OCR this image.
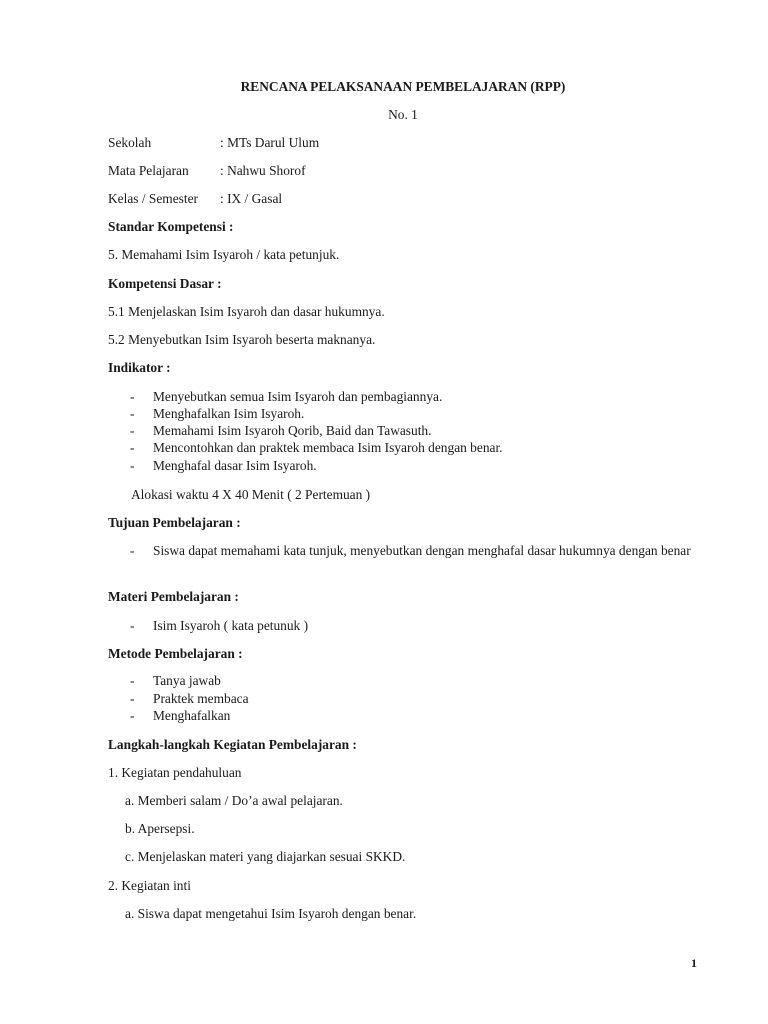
RENCANA PELAKSANAAN PEMBELAJARAN (RPP)
No. 1
Sekolah	: MTs Darul Ulum
Mata Pelajaran : Nahwu Shorof
Kelas / Semester : IX / Gasal
Standar Kompetensi :
5. Memahami Isim Isyaroh / kata petunjuk.
Kompetensi Dasar :
5.1 Menjelaskan Isim Isyaroh dan dasar hukumnya.
5.2 Menyebutkan Isim Isyaroh beserta maknanya.
Indikator :
- Menyebutkan semua Isim Isyaroh dan pembagiannya.
- Menghafalkan Isim Isyaroh.
- Memahami Isim Isyaroh Qorib, Baid dan Tawasuth.
- Mencontohkan dan praktek membaca Isim Isyaroh dengan benar.
- Menghafal dasar Isim Isyaroh.
Alokasi waktu 4 X 40 Menit ( 2 Pertemuan )
Tujuan Pembelajaran :
- Siswa dapat memahami kata tunjuk, menyebutkan dengan menghafal dasar hukumnya dengan benar
Materi Pembelajaran :
- Isim Isyaroh ( kata petunuk )
Metode Pembelajaran :
- Tanya jawab
- Praktek membaca
- Menghafalkan
Langkah-langkah Kegiatan Pembelajaran :
1. Kegiatan pendahuluan
a. Memberi salam / Do’a awal pelajaran.
b. Apersepsi.
c. Menjelaskan materi yang diajarkan sesuai SKKD.
2. Kegiatan inti
a. Siswa dapat mengetahui Isim Isyaroh dengan benar.
1
